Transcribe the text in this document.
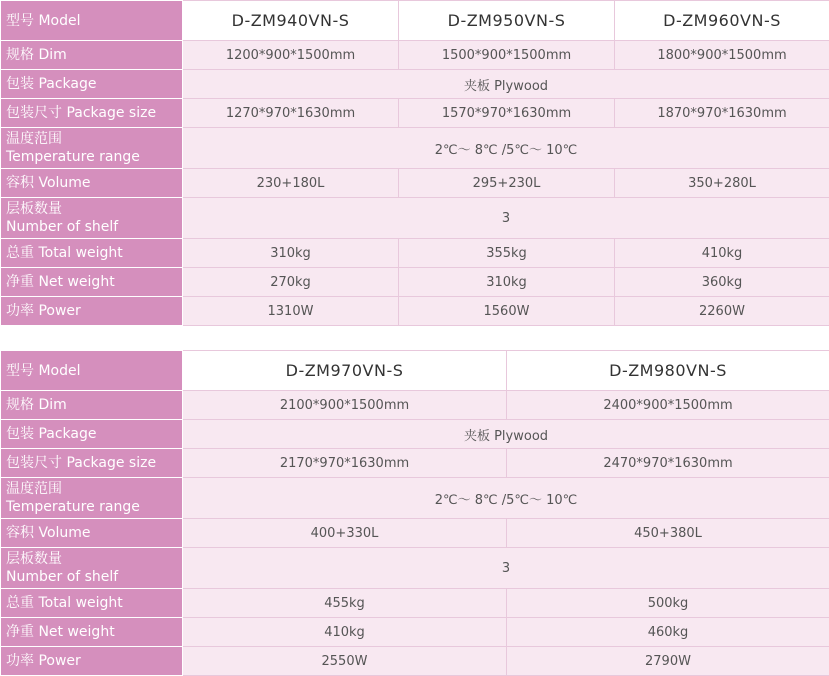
型号 Model	D-ZM940VN-S	D-ZM950VN-S	D-ZM960VN-S
规格 Dim	1200*900*1500mm	1500*900*1500mm	1800*900*1500mm
包装 Package	夹板 Plywood		
包装尺寸 Package size	1270*970*1630mm	1570*970*1630mm	1870*970*1630mm

温度范围
Temperature range	2℃～ 8℃ /5℃～ 10℃		
容积 Volume	230+180L	295+230L	350+280L

层板数量
Number of shelf	3		
总重 Total weight	310kg	355kg	410kg
净重 Net weight	270kg	310kg	360kg
功率 Power	1310W	1560W	2260W
型号 Model	D-ZM970VN-S	D-ZM980VN-S
规格 Dim	2100*900*1500mm	2400*900*1500mm
包装 Package	夹板 Plywood	
包装尺寸 Package size	2170*970*1630mm	2470*970*1630mm

温度范围
Temperature range	2℃～ 8℃ /5℃～ 10℃	
容积 Volume	400+330L	450+380L

层板数量
Number of shelf	3	
总重 Total weight	455kg	500kg
净重 Net weight	410kg	460kg
功率 Power	2550W	2790W
